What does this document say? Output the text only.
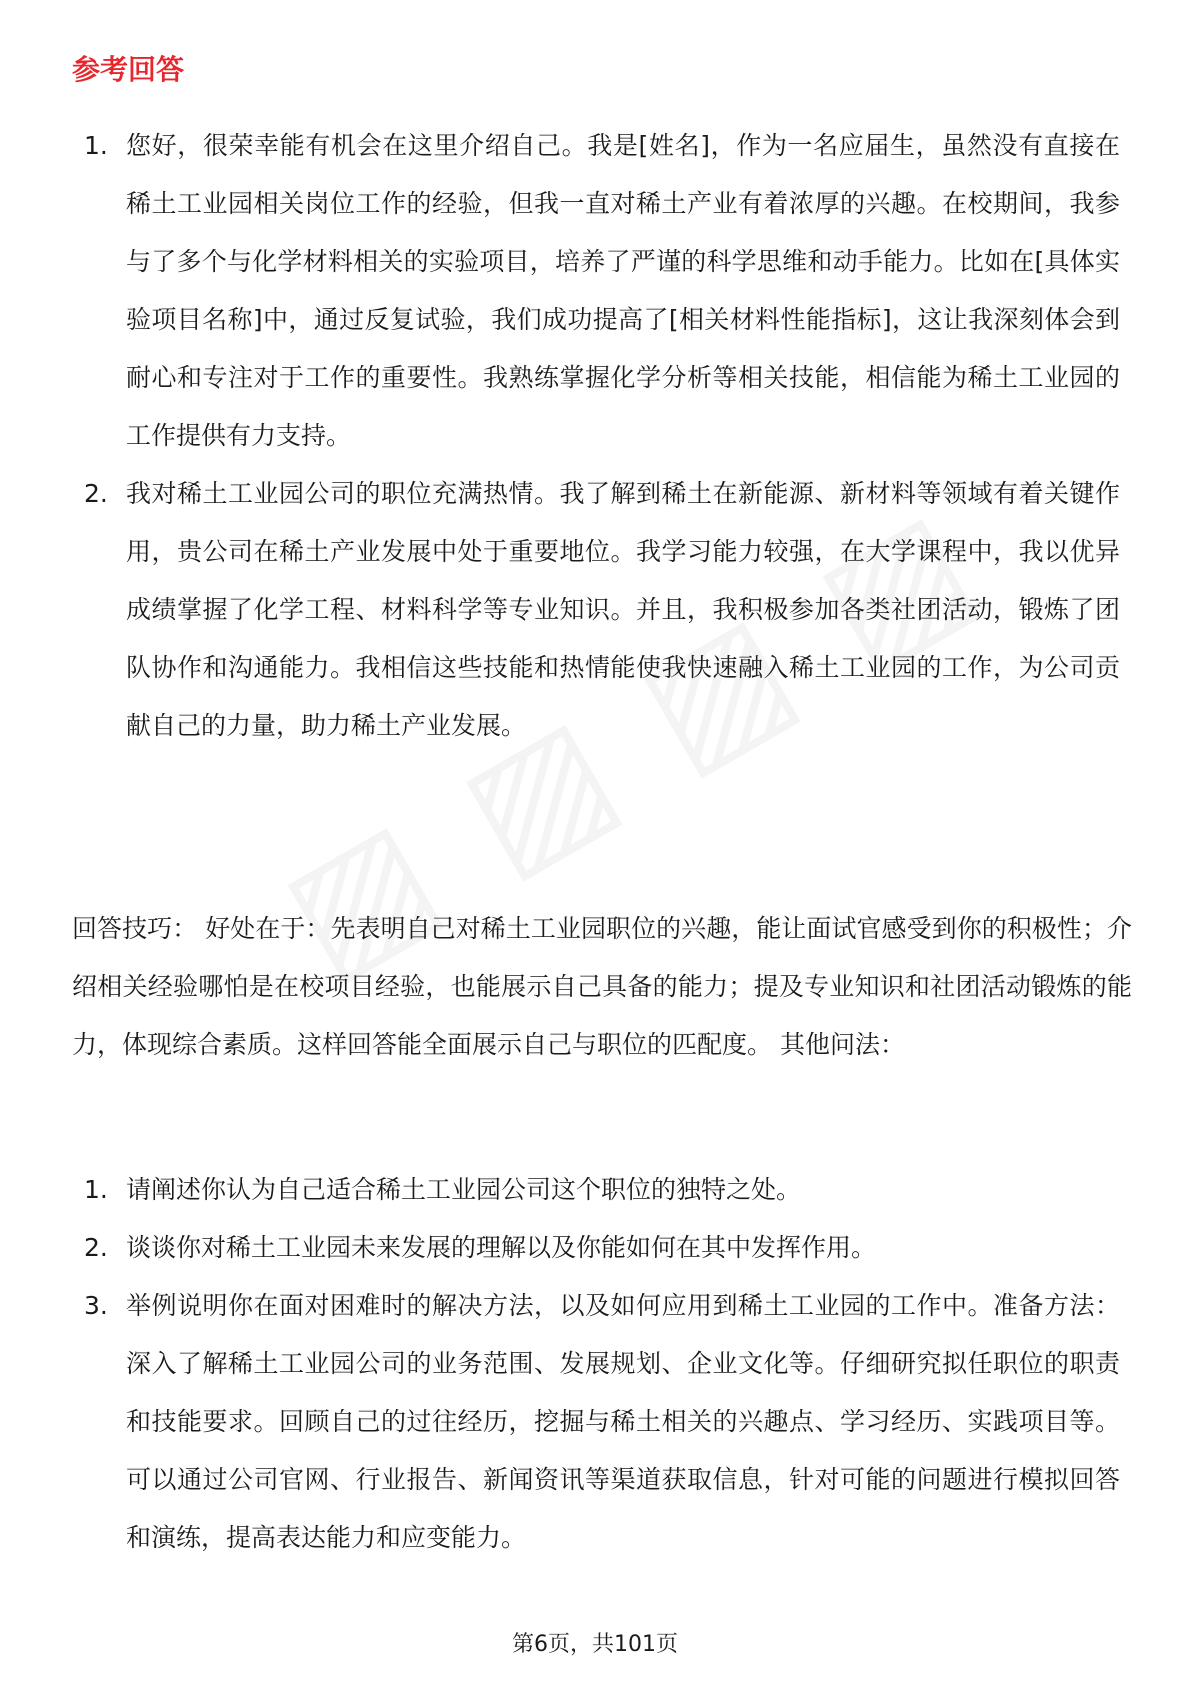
参考回答
1. 您好，很荣幸能有机会在这里介绍自己。我是[姓名]，作为一名应届生，虽然没有直接在稀土工业园相关岗位工作的经验，但我一直对稀土产业有着浓厚的兴趣。在校期间，我参与了多个与化学材料相关的实验项目，培养了严谨的科学思维和动手能力。比如在[具体实验项目名称]中，通过反复试验，我们成功提高了[相关材料性能指标]，这让我深刻体会到耐心和专注对于工作的重要性。我熟练掌握化学分析等相关技能，相信能为稀土工业园的工作提供有力支持。
2. 我对稀土工业园公司的职位充满热情。我了解到稀土在新能源、新材料等领域有着关键作用，贵公司在稀土产业发展中处于重要地位。我学习能力较强，在大学课程中，我以优异成绩掌握了化学工程、材料科学等专业知识。并且，我积极参加各类社团活动，锻炼了团队协作和沟通能力。我相信这些技能和热情能使我快速融入稀土工业园的工作，为公司贡献自己的力量，助力稀土产业发展。

回答技巧： 好处在于：先表明自己对稀土工业园职位的兴趣，能让面试官感受到你的积极性；介绍相关经验哪怕是在校项目经验，也能展示自己具备的能力；提及专业知识和社团活动锻炼的能力，体现综合素质。这样回答能全面展示自己与职位的匹配度。 其他问法：

1. 请阐述你认为自己适合稀土工业园公司这个职位的独特之处。
2. 谈谈你对稀土工业园未来发展的理解以及你能如何在其中发挥作用。
3. 举例说明你在面对困难时的解决方法，以及如何应用到稀土工业园的工作中。准备方法： 深入了解稀土工业园公司的业务范围、发展规划、企业文化等。仔细研究拟任职位的职责和技能要求。回顾自己的过往经历，挖掘与稀土相关的兴趣点、学习经历、实践项目等。可以通过公司官网、行业报告、新闻资讯等渠道获取信息，针对可能的问题进行模拟回答和演练，提高表达能力和应变能力。
第6页，共101页
